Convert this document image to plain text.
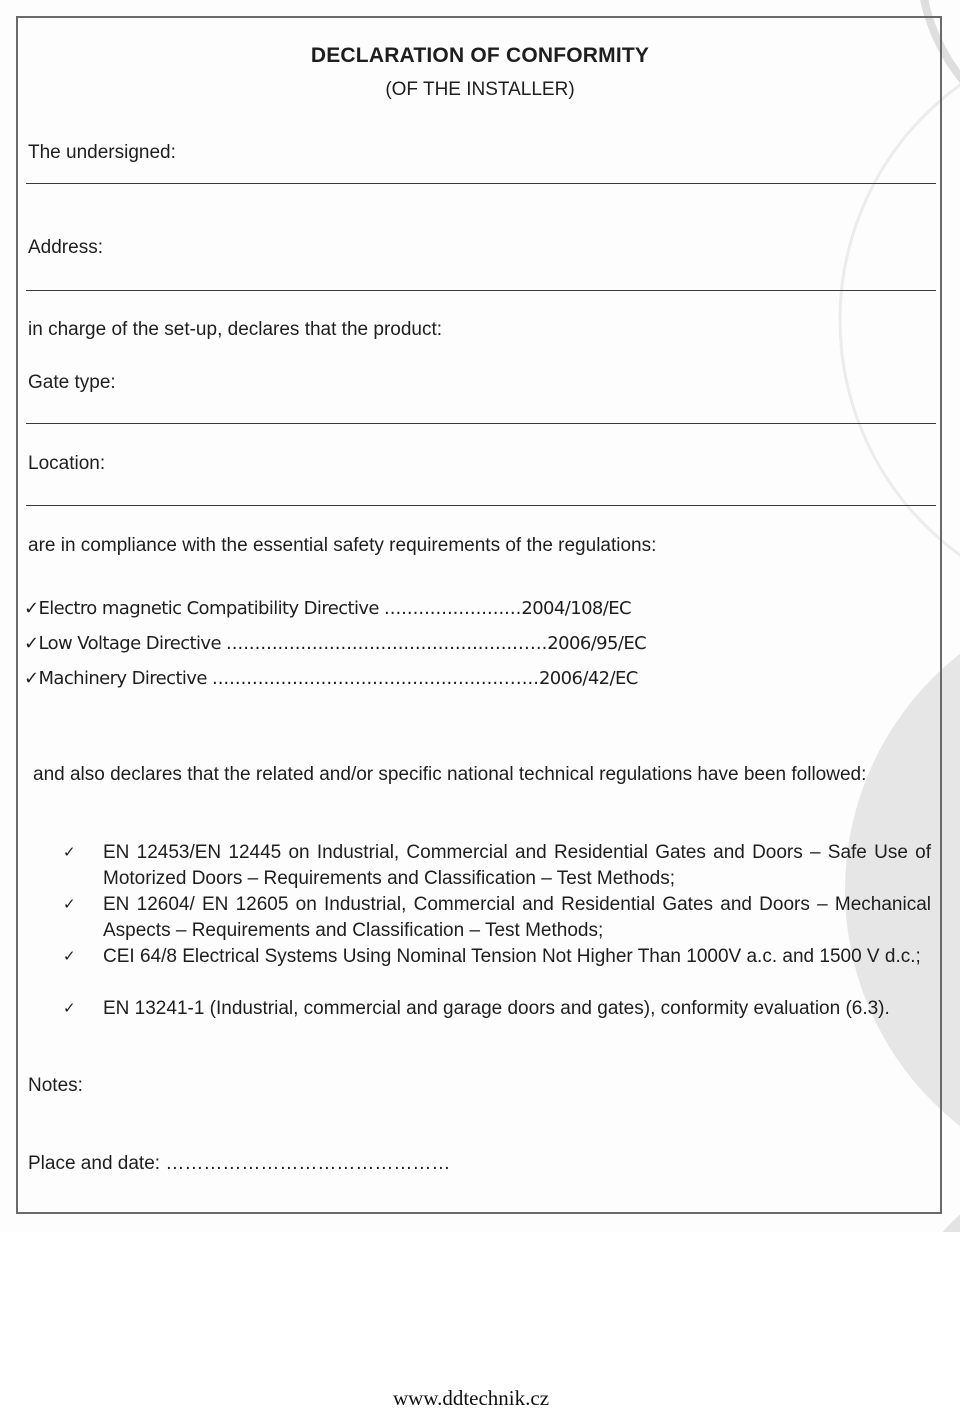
DECLARATION OF CONFORMITY
(OF THE INSTALLER)
The undersigned:
Address:
in charge of the set-up, declares that the product:
Gate type:
Location:
are in compliance with the essential safety requirements of the regulations:
✓Electro magnetic Compatibility Directive ........................2004/108/EC
✓Low Voltage Directive ...................................................…..2006/95/EC
✓Machinery Directive ...................................................…...2006/42/EC
and also declares that the related and/or specific national technical regulations have been followed:
✓ EN 12453/EN 12445 on Industrial, Commercial and Residential Gates and Doors – Safe Use of Motorized Doors – Requirements and Classification – Test Methods;
✓ EN 12604/ EN 12605 on Industrial, Commercial and Residential Gates and Doors – Mechanical Aspects – Requirements and Classification – Test Methods;
✓ CEI 64/8 Electrical Systems Using Nominal Tension Not Higher Than 1000V a.c. and 1500 V d.c.;
✓ EN 13241-1 (Industrial, commercial and garage doors and gates), conformity evaluation (6.3).
Notes:
Place and date: ………………………………………
www.ddtechnik.cz
